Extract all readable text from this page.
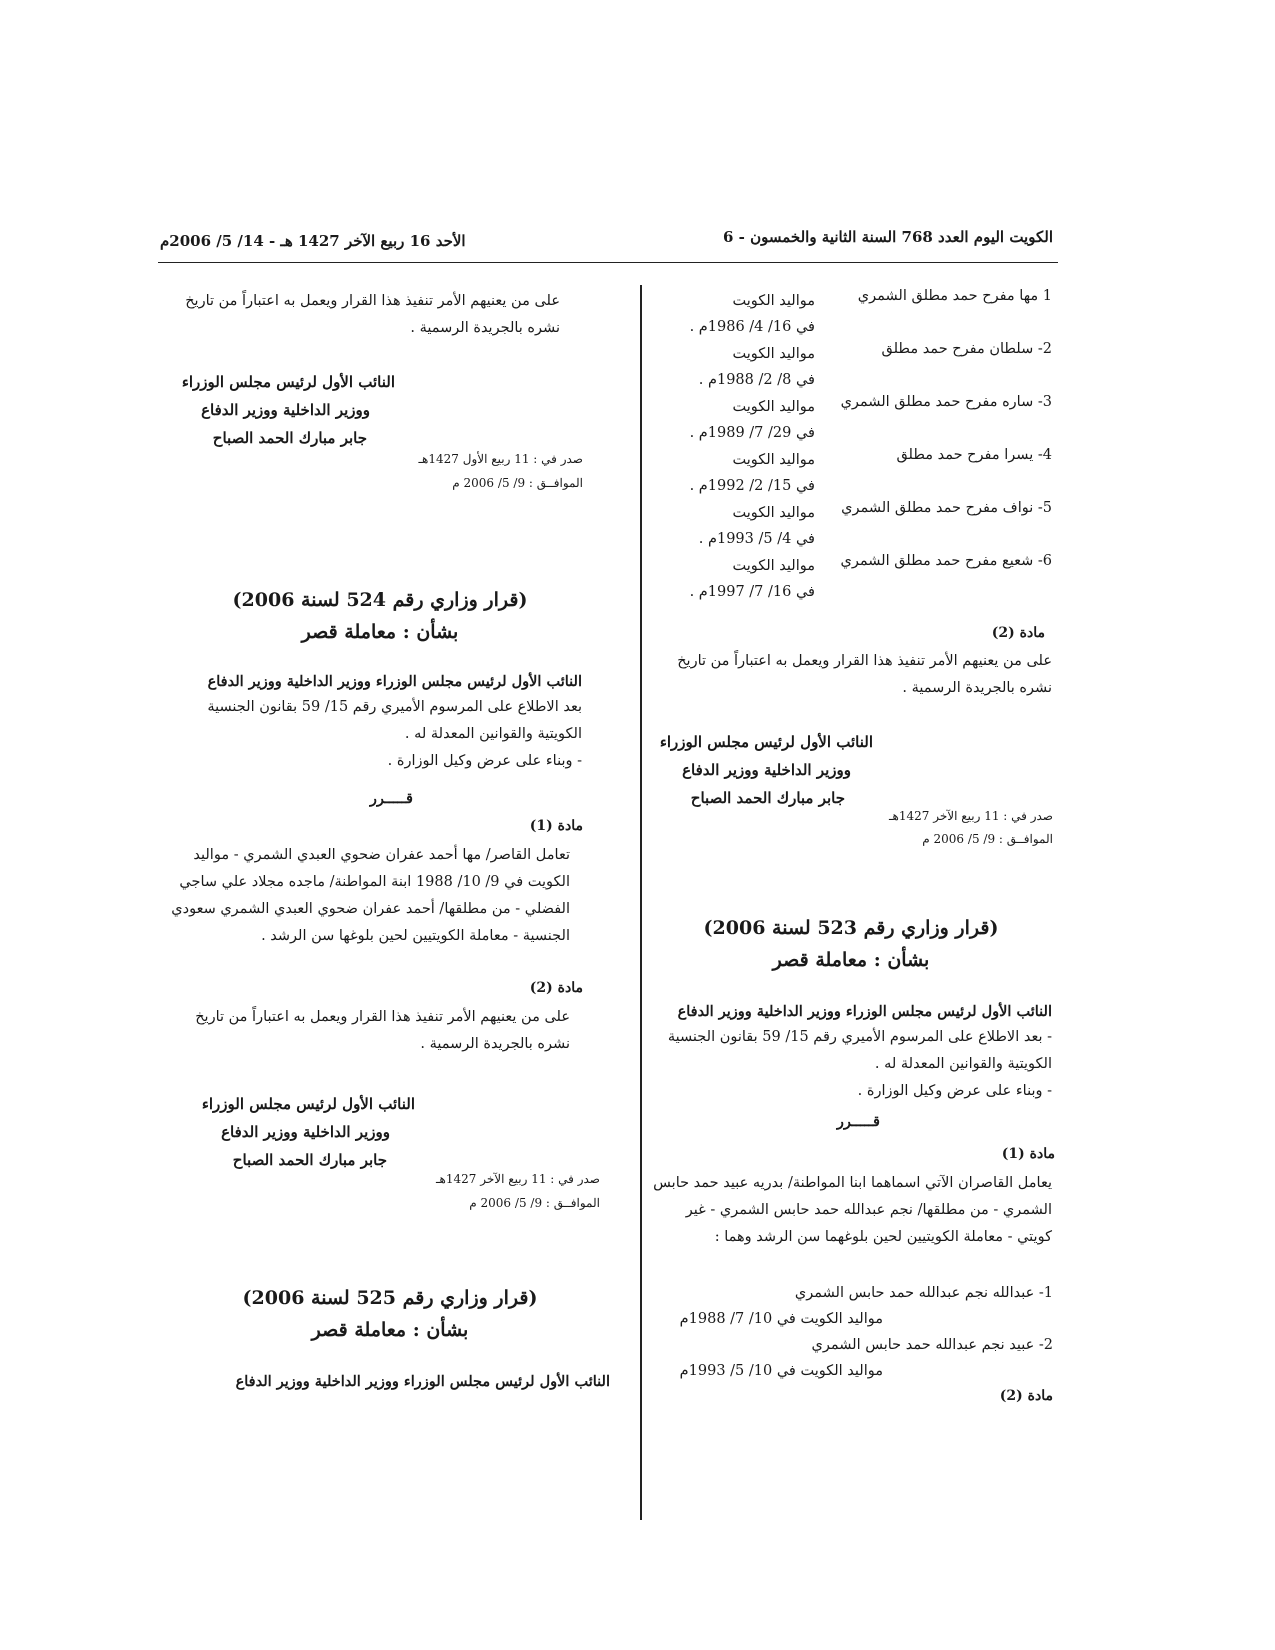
الكويت اليوم العدد 768 السنة الثانية والخمسون - 6
الأحد 16 ربيع الآخر 1427 هـ - 14/ 5/ 2006م
1 مها مفرح حمد مطلق الشمري
مواليد الكويت
في 16/ 4/ 1986م .
2- سلطان مفرح حمد مطلق
مواليد الكويت
في 8/ 2/ 1988م .
3- ساره مفرح حمد مطلق الشمري
مواليد الكويت
في 29/ 7/ 1989م .
4- يسرا مفرح حمد مطلق
مواليد الكويت
في 15/ 2/ 1992م .
5- نواف مفرح حمد مطلق الشمري
مواليد الكويت
في 4/ 5/ 1993م .
6- شعيع مفرح حمد مطلق الشمري
مواليد الكويت
في 16/ 7/ 1997م .
مادة (2)
على من يعنيهم الأمر تنفيذ هذا القرار ويعمل به اعتباراً من تاريخ نشره بالجريدة الرسمية .
النائب الأول لرئيس مجلس الوزراء
ووزير الداخلية ووزير الدفاع
جابر مبارك الحمد الصباح
صدر في : 11 ربيع الآخر 1427هـ
الموافــق : 9/ 5/ 2006 م
(قرار وزاري رقم 523 لسنة 2006)
بشأن : معاملة قصر
النائب الأول لرئيس مجلس الوزراء ووزير الداخلية ووزير الدفاع
- بعد الاطلاع على المرسوم الأميري رقم 15/ 59 بقانون الجنسية الكويتية والقوانين المعدلة له .
- وبناء على عرض وكيل الوزارة .
قـــــرر
مادة (1)
يعامل القاصران الآتي اسماهما ابنا المواطنة/ بدريه عبيد حمد حابس الشمري - من مطلقها/ نجم عبدالله حمد حابس الشمري - غير كويتي - معاملة الكويتيين لحين بلوغهما سن الرشد وهما :
1- عبدالله نجم عبدالله حمد حابس الشمري
مواليد الكويت في 10/ 7/ 1988م
2- عبيد نجم عبدالله حمد حابس الشمري
مواليد الكويت في 10/ 5/ 1993م
مادة (2)
على من يعنيهم الأمر تنفيذ هذا القرار ويعمل به اعتباراً من تاريخ نشره بالجريدة الرسمية .
النائب الأول لرئيس مجلس الوزراء
ووزير الداخلية ووزير الدفاع
جابر مبارك الحمد الصباح
صدر في : 11 ربيع الأول 1427هـ
الموافــق : 9/ 5/ 2006 م
(قرار وزاري رقم 524 لسنة 2006)
بشأن : معاملة قصر
النائب الأول لرئيس مجلس الوزراء ووزير الداخلية ووزير الدفاع
بعد الاطلاع على المرسوم الأميري رقم 15/ 59 بقانون الجنسية الكويتية والقوانين المعدلة له .
- وبناء على عرض وكيل الوزارة .
قـــــرر
مادة (1)
تعامل القاصر/ مها أحمد عفران ضحوي العبدي الشمري - مواليد الكويت في 9/ 10/ 1988 ابنة المواطنة/ ماجده مجلاد علي ساجي الفضلي - من مطلقها/ أحمد عفران ضحوي العبدي الشمري سعودي الجنسية - معاملة الكويتيين لحين بلوغها سن الرشد .
مادة (2)
على من يعنيهم الأمر تنفيذ هذا القرار ويعمل به اعتباراً من تاريخ نشره بالجريدة الرسمية .
النائب الأول لرئيس مجلس الوزراء
ووزير الداخلية ووزير الدفاع
جابر مبارك الحمد الصباح
صدر في : 11 ربيع الآخر 1427هـ
الموافــق : 9/ 5/ 2006 م
(قرار وزاري رقم 525 لسنة 2006)
بشأن : معاملة قصر
النائب الأول لرئيس مجلس الوزراء ووزير الداخلية ووزير الدفاع
